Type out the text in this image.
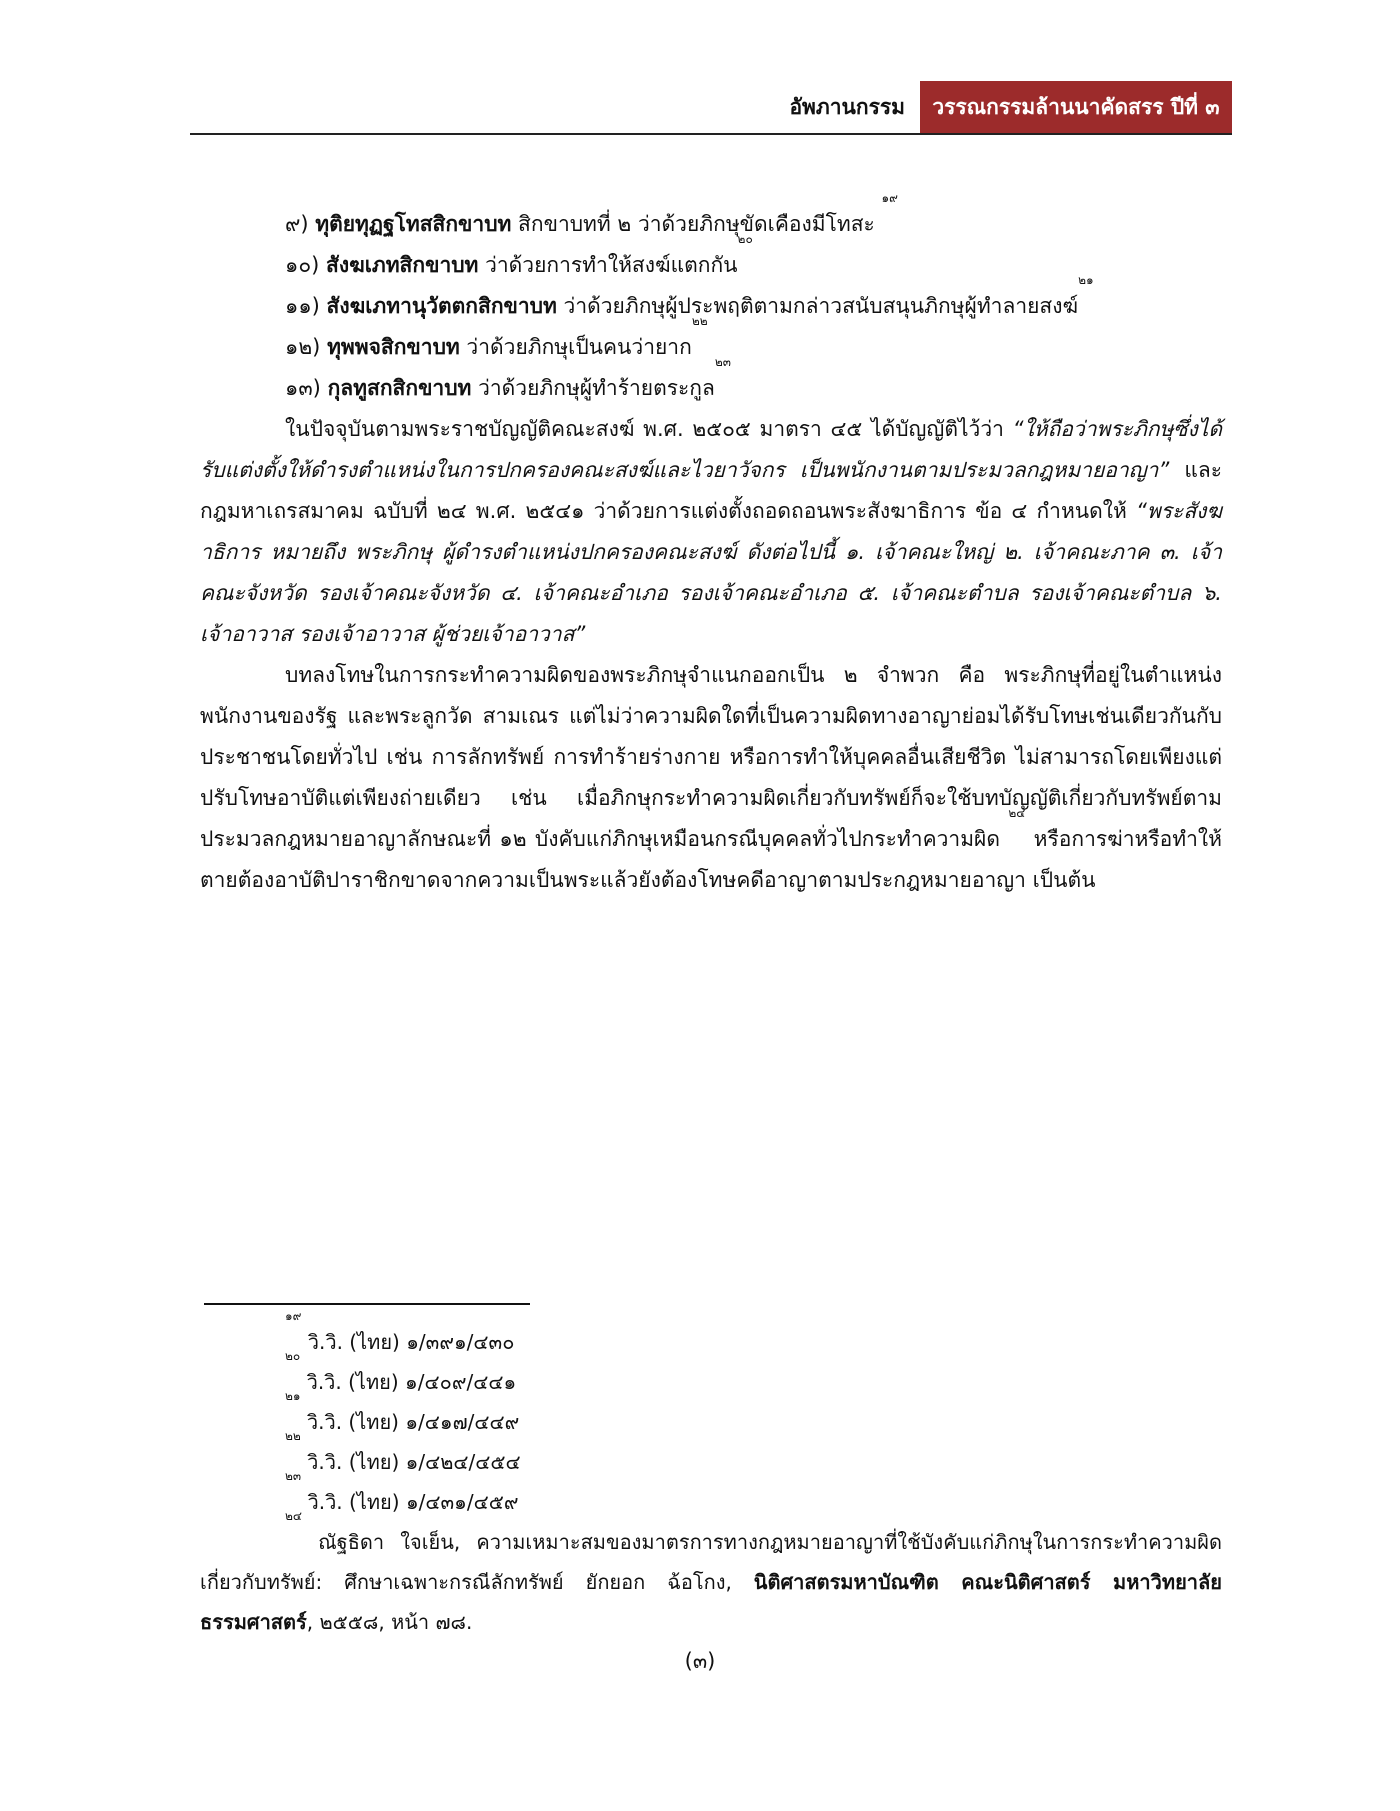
อัพภานกรรม	วรรณกรรมล้านนาคัดสรร ปีที่ ๓

๙) ทุติยทุฏฐโทสสิกขาบท สิกขาบทที่ ๒ ว่าด้วยภิกษุขัดเคืองมีโทสะ $^{๑๙}$

๑๐) สังฆเภทสิกขาบท ว่าด้วยการทำให้สงฆ์แตกกัน$^{๒๐}$

๑๑) สังฆเภทานุวัตตกสิกขาบท ว่าด้วยภิกษุผู้ประพฤติตามกล่าวสนับสนุนภิกษุผู้ทำลายสงฆ์$^{๒๑}$

๑๒) ทุพพจสิกขาบท ว่าด้วยภิกษุเป็นคนว่ายาก$^{๒๒}$

๑๓) กุลทูสกสิกขาบท ว่าด้วยภิกษุผู้ทำร้ายตระกูล$^{๒๓}$

ในปัจจุบันตามพระราชบัญญัติคณะสงฆ์ พ.ศ. ๒๕๐๕ มาตรา ๔๕ ได้บัญญัติไว้ว่า “ให้ถือว่าพระภิกษุซึ่งได้รับแต่งตั้งให้ดำรงตำแหน่งในการปกครองคณะสงฆ์และไวยาวัจกร เป็นพนักงานตามประมวลกฎหมายอาญา” และกฎมหาเถรสมาคม ฉบับที่ ๒๔ พ.ศ. ๒๕๔๑ ว่าด้วยการแต่งตั้งถอดถอนพระสังฆาธิการ ข้อ ๔ กำหนดให้ “พระสังฆาธิการ หมายถึง พระภิกษุ ผู้ดำรงตำแหน่งปกครองคณะสงฆ์ ดังต่อไปนี้ ๑. เจ้าคณะใหญ่ ๒. เจ้าคณะภาค ๓. เจ้าคณะจังหวัด รองเจ้าคณะจังหวัด ๔. เจ้าคณะอำเภอ รองเจ้าคณะอำเภอ ๕. เจ้าคณะตำบล รองเจ้าคณะตำบล ๖. เจ้าอาวาส รองเจ้าอาวาส ผู้ช่วยเจ้าอาวาส”

บทลงโทษในการกระทำความผิดของพระภิกษุจำแนกออกเป็น ๒ จำพวก คือ พระภิกษุที่อยู่ในตำแหน่งพนักงานของรัฐ และพระลูกวัด สามเณร แต่ไม่ว่าความผิดใดที่เป็นความผิดทางอาญาย่อมได้รับโทษเช่นเดียวกันกับประชาชนโดยทั่วไป เช่น การลักทรัพย์ การทำร้ายร่างกาย หรือการทำให้บุคคลอื่นเสียชีวิต ไม่สามารถโดยเพียงแต่ปรับโทษอาบัติแต่เพียงถ่ายเดียว เช่น เมื่อภิกษุกระทำความผิดเกี่ยวกับทรัพย์ก็จะใช้บทบัญญัติเกี่ยวกับทรัพย์ตามประมวลกฎหมายอาญาลักษณะที่ ๑๒ บังคับแก่ภิกษุเหมือนกรณีบุคคลทั่วไปกระทำความผิด $^{๒๔}$ หรือการฆ่าหรือทำให้ตายต้องอาบัติปาราชิกขาดจากความเป็นพระแล้วยังต้องโทษคดีอาญาตามประกฎหมายอาญา เป็นต้น

$^{๑๙}$ วิ.วิ. (ไทย) ๑/๓๙๑/๔๓๐

$^{๒๐}$ วิ.วิ. (ไทย) ๑/๔๐๙/๔๔๑

$^{๒๑}$ วิ.วิ. (ไทย) ๑/๔๑๗/๔๔๙

$^{๒๒}$ วิ.วิ. (ไทย) ๑/๔๒๔/๔๕๔

$^{๒๓}$ วิ.วิ. (ไทย) ๑/๔๓๑/๔๕๙

$^{๒๔}$ ณัฐธิดา ใจเย็น, ความเหมาะสมของมาตรการทางกฎหมายอาญาที่ใช้บังคับแก่ภิกษุในการกระทำความผิดเกี่ยวกับทรัพย์: ศึกษาเฉพาะกรณีลักทรัพย์ ยักยอก ฉ้อโกง, นิติศาสตรมหาบัณฑิต คณะนิติศาสตร์ มหาวิทยาลัยธรรมศาสตร์, ๒๕๕๘, หน้า ๗๘.

(๓)
